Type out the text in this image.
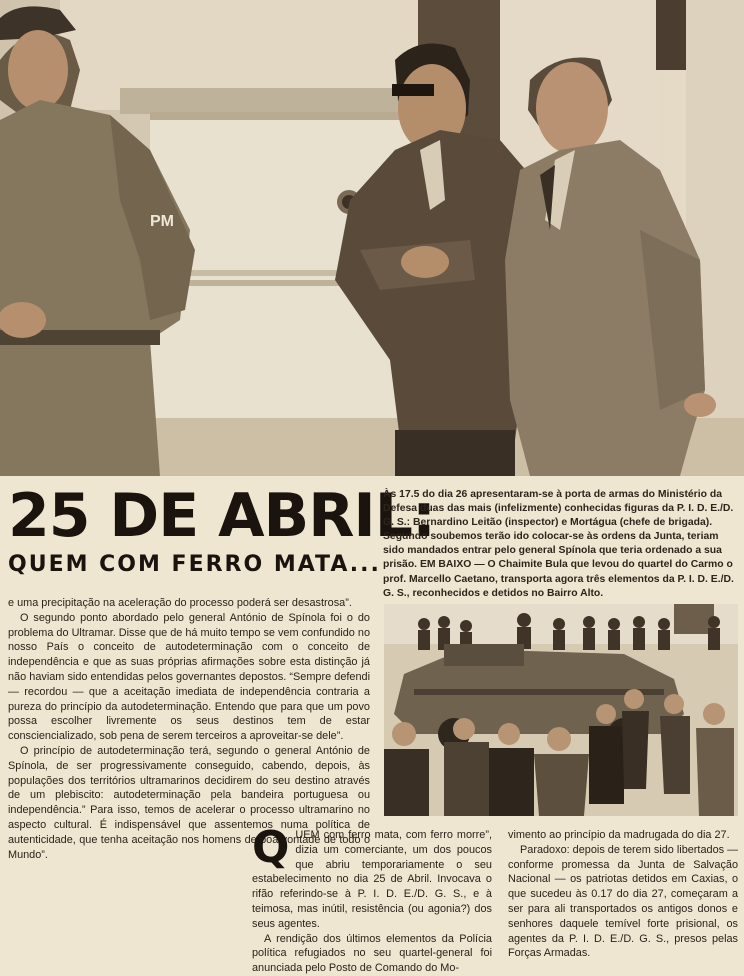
PM
25 DE ABRIL:
QUEM COM FERRO MATA...
Às 17.5 do dia 26 apresentaram-se à porta de armas do Ministério da Defesa duas das mais (infelizmente) conhecidas figuras da P. I. D. E./D. G. S.: Bernardino Leitão (inspector) e Mortágua (chefe de brigada). Segundo soubemos terão ido colocar-se às ordens da Junta, teriam sido mandados entrar pelo general Spínola que teria ordenado a sua prisão. EM BAIXO — O Chaimite Bula que levou do quartel do Carmo o prof. Marcello Caetano, transporta agora três elementos da P. I. D. E./D. G. S., reconhecidos e detidos no Bairro Alto.

e uma precipitação na aceleração do processo poderá ser desastrosa”.

O segundo ponto abordado pelo general António de Spínola foi o do problema do Ultramar. Disse que de há muito tempo se vem confundido no nosso País o conceito de autodeterminação com o conceito de independência e que as suas próprias afirmações sobre esta distinção já não haviam sido entendidas pelos governantes depostos. “Sempre defendi — recordou — que a aceitação imediata de independência contraria a pureza do princípio da autodeterminação. Entendo que para que um povo possa escolher livremente os seus destinos tem de estar consciencializado, sob pena de serem terceiros a aproveitar-se dele”.

O princípio de autodeterminação terá, segundo o general António de Spínola, de ser progressivamente conseguido, cabendo, depois, às populações dos territórios ultramarinos decidirem do seu destino através de um plebiscito: autodeterminação pela bandeira portuguesa ou independência.” Para isso, temos de acelerar o processo ultramarino no aspecto cultural. É indispensável que assentemos numa política de autenticidade, que tenha aceitação nos homens de boa vontade de todo o Mundo”.	QUEM com ferro mata, com ferro morre”, dizia um comerciante, um dos poucos que abriu temporariamente o seu estabelecimento no dia 25 de Abril. Invocava o rifão referindo-se à P. I. D. E./D. G. S., e à teimosa, mas inútil, resistência (ou agonia?) dos seus agentes.

A rendição dos últimos elementos da Polícia política refugiados no seu quartel-general foi anunciada pelo Posto de Comando do Mo-

vimento ao princípio da madrugada do dia 27.

Paradoxo: depois de terem sido libertados — conforme promessa da Junta de Salvação Nacional — os patriotas detidos em Caxias, o que sucedeu às 0.17 do dia 27, começaram a ser para ali transportados os antigos donos e senhores daquele temível forte prisional, os agentes da P. I. D. E./D. G. S., presos pelas Forças Armadas.
